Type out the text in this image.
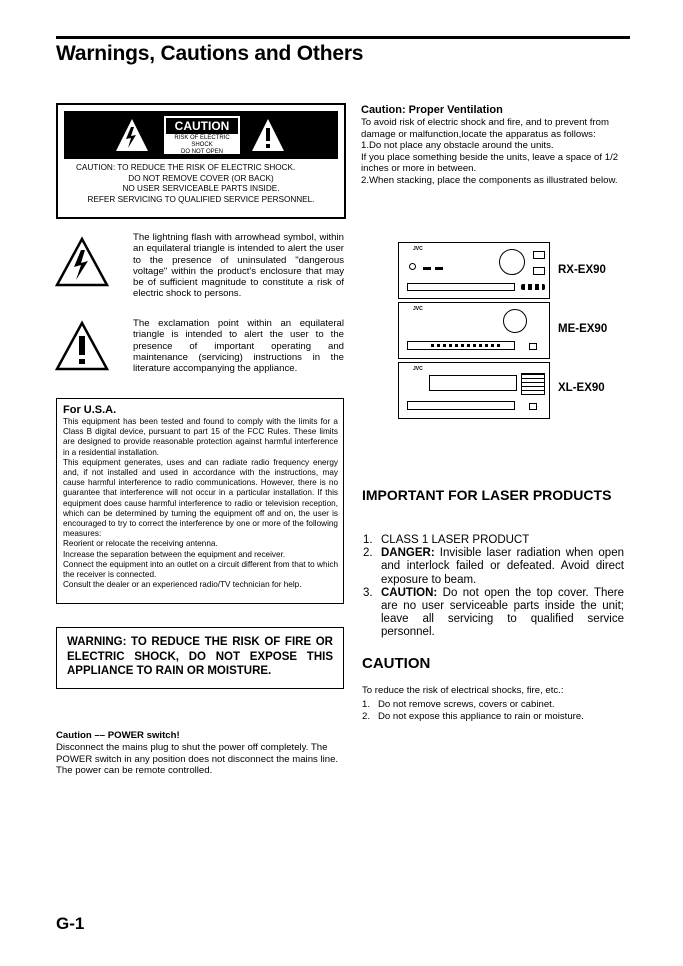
Warnings, Cautions and Others
CAUTION
RISK OF ELECTRIC SHOCK
DO NOT OPEN
CAUTION: TO REDUCE THE RISK OF ELECTRIC SHOCK.
DO NOT REMOVE COVER (OR BACK)
NO USER SERVICEABLE PARTS INSIDE.
REFER SERVICING TO QUALIFIED SERVICE PERSONNEL.
The lightning flash with arrowhead symbol, within an equilateral triangle is intended to alert the user to the presence of uninsulated "dangerous voltage" within the product's enclosure that may be of sufficient magnitude to constitute a risk of electric shock to persons.
The exclamation point within an equilateral triangle is intended to alert the user to the presence of important operating and maintenance (servicing) instructions in the literature accompanying the appliance.
For U.S.A.

This equipment has been tested and found to comply with the limits for a Class B digital device, pursuant to part 15 of the FCC Rules. These limits are designed to provide reasonable protection against harmful interference in a residential installation.

This equipment generates, uses and can radiate radio frequency energy and, if not installed and used in accordance with the instructions, may cause harmful interference to radio communications. However, there is no guarantee that interference will not occur in a particular installation. If this equipment does cause harmful interference to radio or television reception, which can be determined by turning the equipment off and on, the user is encouraged to try to correct the interference by one or more of the following measures:

Reorient or relocate the receiving antenna.

Increase the separation between the equipment and receiver.

Connect the equipment into an outlet on a circuit different from that to which the receiver is connected.

Consult the dealer or an experienced radio/TV technician for help.

WARNING: TO REDUCE THE RISK OF FIRE OR ELECTRIC SHOCK, DO NOT EXPOSE THIS APPLIANCE TO RAIN OR MOISTURE.
Caution –– POWER switch!
Disconnect the mains plug to shut the power off completely. The POWER switch in any position does not disconnect the mains line. The power can be remote controlled.
Caution: Proper Ventilation
To avoid risk of electric shock and fire, and to prevent from damage or malfunction,locate the apparatus as follows:
1.Do not place any obstacle around the units.
If you place something beside the units, leave a space of 1/2 inches or more in between.
2.When stacking, place the components as illustrated below.
JVC
JVC
JVC
RX-EX90
ME-EX90
XL-EX90
IMPORTANT FOR LASER PRODUCTS
1. CLASS 1 LASER PRODUCT
2. DANGER: Invisible laser radiation when open and interlock failed or defeated. Avoid direct exposure to beam.
3. CAUTION: Do not open the top cover. There are no user serviceable parts inside the unit; leave all servicing to qualified service personnel.
CAUTION
To reduce the risk of electrical shocks, fire, etc.:
1. Do not remove screws, covers or cabinet.
2. Do not expose this appliance to rain or moisture.
G-1
